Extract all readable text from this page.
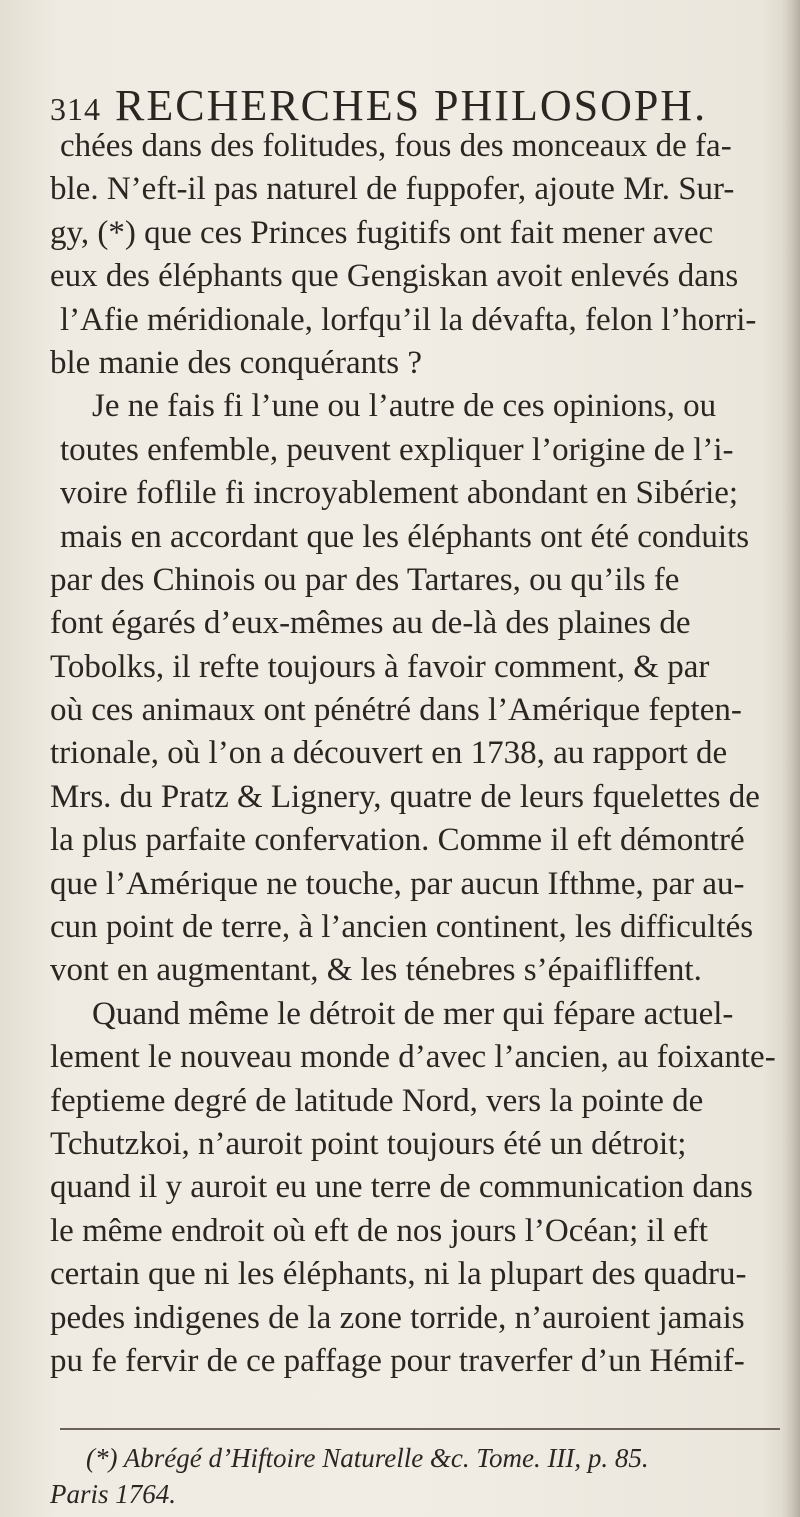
314 RECHERCHES PHILOSOPH.
chées dans des folitudes, fous des monceaux de fa-
ble. N’eft-il pas naturel de fuppofer, ajoute Mr. Sur-
gy, (*) que ces Princes fugitifs ont fait mener avec
eux des éléphants que Gengiskan avoit enlevés dans
l’Afie méridionale, lorfqu’il la dévafta, felon l’horri-
ble manie des conquérants ?
Je ne fais fi l’une ou l’autre de ces opinions, ou
toutes enfemble, peuvent expliquer l’origine de l’i-
voire foflile fi incroyablement abondant en Sibérie;
mais en accordant que les éléphants ont été conduits
par des Chinois ou par des Tartares, ou qu’ils fe
font égarés d’eux-mêmes au de-là des plaines de
Tobolks, il refte toujours à favoir comment, & par
où ces animaux ont pénétré dans l’Amérique fepten-
trionale, où l’on a découvert en 1738, au rapport de
Mrs. du Pratz & Lignery, quatre de leurs fquelettes de
la plus parfaite confervation. Comme il eft démontré
que l’Amérique ne touche, par aucun Ifthme, par au-
cun point de terre, à l’ancien continent, les difficultés
vont en augmentant, & les ténebres s’épaifliffent.
Quand même le détroit de mer qui fépare actuel-
lement le nouveau monde d’avec l’ancien, au foixante-
feptieme degré de latitude Nord, vers la pointe de
Tchutzkoi, n’auroit point toujours été un détroit;
quand il y auroit eu une terre de communication dans
le même endroit où eft de nos jours l’Océan; il eft
certain que ni les éléphants, ni la plupart des quadru-
pedes indigenes de la zone torride, n’auroient jamais
pu fe fervir de ce paffage pour traverfer d’un Hémif-
(*) Abrégé d’Hiftoire Naturelle &c. Tome. III, p. 85.
Paris 1764.
